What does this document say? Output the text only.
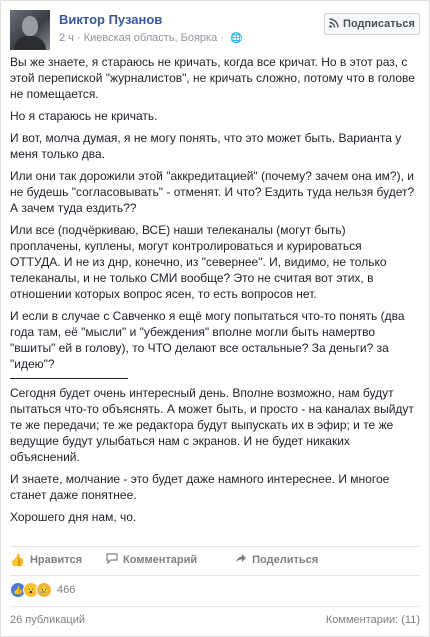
Виктор Пузанов
2 ч · Киевская область, Боярка · 🌐
Подписаться

Вы же знаете, я стараюсь не кричать, когда все кричат. Но в этот раз, с этой перепиской "журналистов", не кричать сложно, потому что в голове не помещается.

Но я стараюсь не кричать.

И вот, молча думая, я не могу понять, что это может быть. Варианта у меня только два.

Или они так дорожили этой "аккредитацией" (почему? зачем она им?), и не будешь "согласовывать" - отменят. И что? Ездить туда нельзя будет? А зачем туда ездить??

Или все (подчёркиваю, ВСЕ) наши телеканалы (могут быть) проплачены, куплены, могут контролироваться и курироваться ОТТУДА. И не из днр, конечно, из "севернее". И, видимо, не только телеканалы, и не только СМИ вообще? Это не считая вот этих, в отношении которых вопрос ясен, то есть вопросов нет.

И если в случае с Савченко я ещё могу попытаться что-то понять (два года там, её "мысли" и "убеждения" вполне могли быть намертво "вшиты" ей в голову), то ЧТО делают все остальные? За деньги? за "идею"?

Сегодня будет очень интересный день. Вполне возможно, нам будут пытаться что-то объяснять. А может быть, и просто - на каналах выйдут те же передачи; те же редактора будут выпускать их в эфир; и те же ведущие будут улыбаться нам с экранов. И не будет никаких объяснений.

И знаете, молчание - это будет даже намного интереснее. И многое станет даже понятнее.

Хорошего дня нам, чо.

👍 Нравится	Комментарий	Поделиться
👍 😮 😢 466
26 публикаций	Комментарии: (11)
